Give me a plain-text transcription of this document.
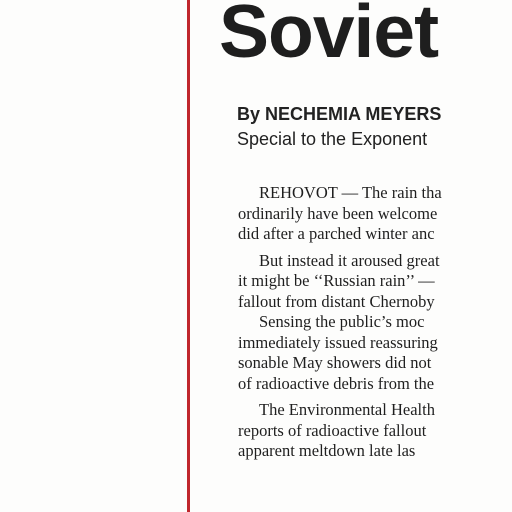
Soviet
By NECHEMIA MEYERS
Special to the Exponent
REHOVOT — The rain tha
ordinarily have been welcome
did after a parched winter anc
But instead it aroused great
it might be ‘‘Russian rain’’ —
fallout from distant Chernoby
Sensing the public’s moc
immediately issued reassuring
sonable May showers did not
of radioactive debris from the
The Environmental Health
reports of radioactive fallout
apparent meltdown late las
